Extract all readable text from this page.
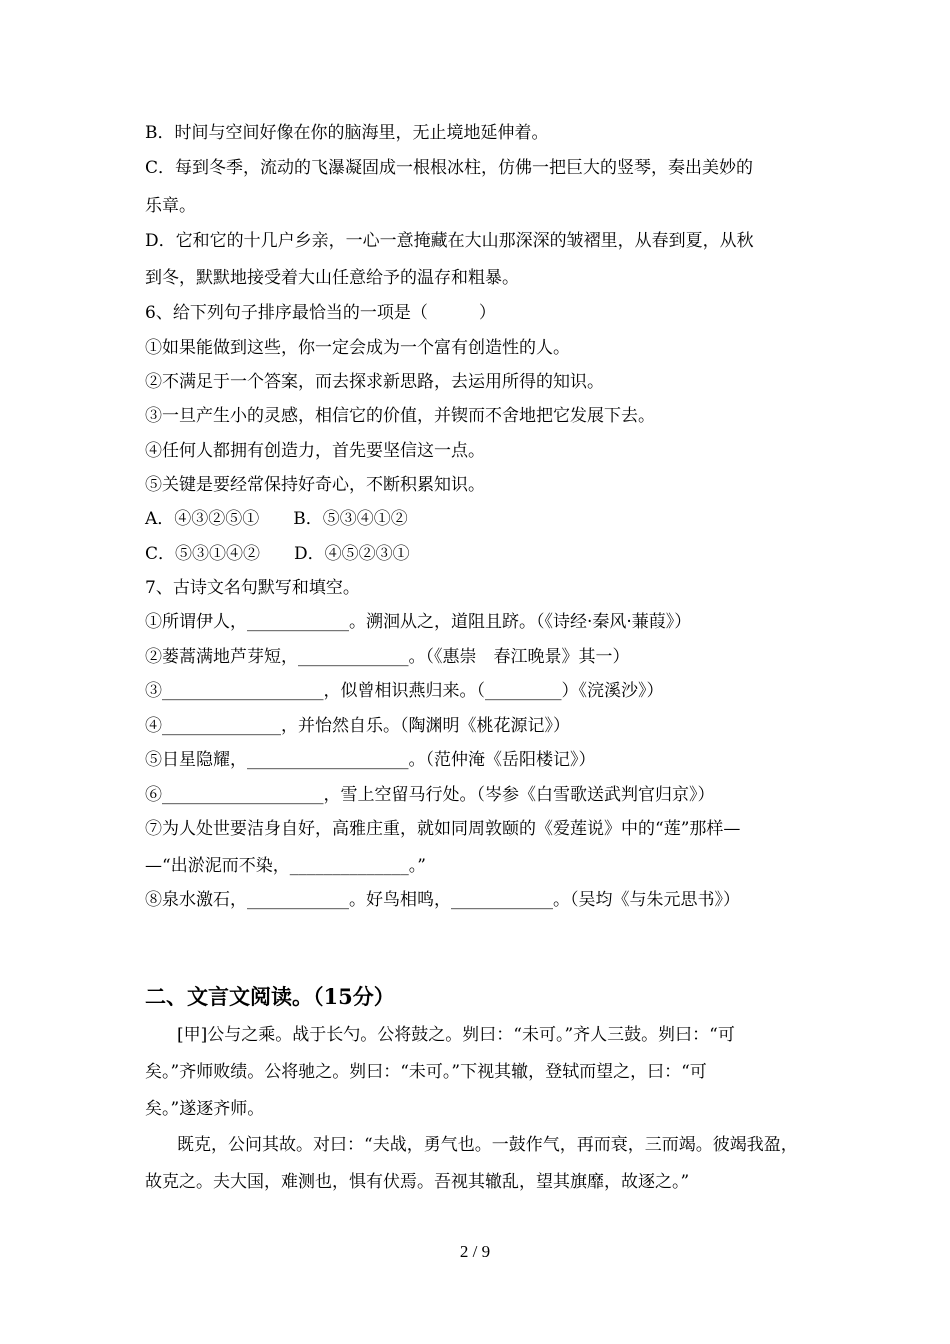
B．时间与空间好像在你的脑海里，无止境地延伸着。
C．每到冬季，流动的飞瀑凝固成一根根冰柱，仿佛一把巨大的竖琴，奏出美妙的
乐章。
D．它和它的十几户乡亲，一心一意掩藏在大山那深深的皱褶里，从春到夏，从秋
到冬，默默地接受着大山任意给予的温存和粗暴。
6、给下列句子排序最恰当的一项是（　　　）
①如果能做到这些，你一定会成为一个富有创造性的人。
②不满足于一个答案，而去探求新思路，去运用所得的知识。
③一旦产生小的灵感，相信它的价值，并锲而不舍地把它发展下去。
④任何人都拥有创造力，首先要坚信这一点。
⑤关键是要经常保持好奇心，不断积累知识。
A．④③②⑤①　　B．⑤③④①②
C．⑤③①④②　　D．④⑤②③①
7、古诗文名句默写和填空。
①所谓伊人，____________。溯洄从之，道阻且跻。（《诗经·秦风·蒹葭》）
②蒌蒿满地芦芽短，_____________。（《惠崇　春江晚景》其一）
③___________________，似曾相识燕归来。（_________）《浣溪沙》）
④______________，并怡然自乐。（陶渊明《桃花源记》）
⑤日星隐耀，___________________。（范仲淹《岳阳楼记》）
⑥___________________，雪上空留马行处。（岑参《白雪歌送武判官归京》）
⑦为人处世要洁身自好，高雅庄重，就如同周敦颐的《爱莲说》中的“莲”那样—
—“出淤泥而不染，______________。”
⑧泉水激石，____________。好鸟相鸣，____________。（吴均《与朱元思书》）
二、文言文阅读。（15分）
[甲]公与之乘。战于长勺。公将鼓之。刿曰：“未可。”齐人三鼓。刿曰：“可
矣。”齐师败绩。公将驰之。刿曰：“未可。”下视其辙，登轼而望之，曰：“可
矣。”遂逐齐师。
既克，公问其故。对曰：“夫战，勇气也。一鼓作气，再而衰，三而竭。彼竭我盈，
故克之。夫大国，难测也，惧有伏焉。吾视其辙乱，望其旗靡，故逐之。”
2 / 9
